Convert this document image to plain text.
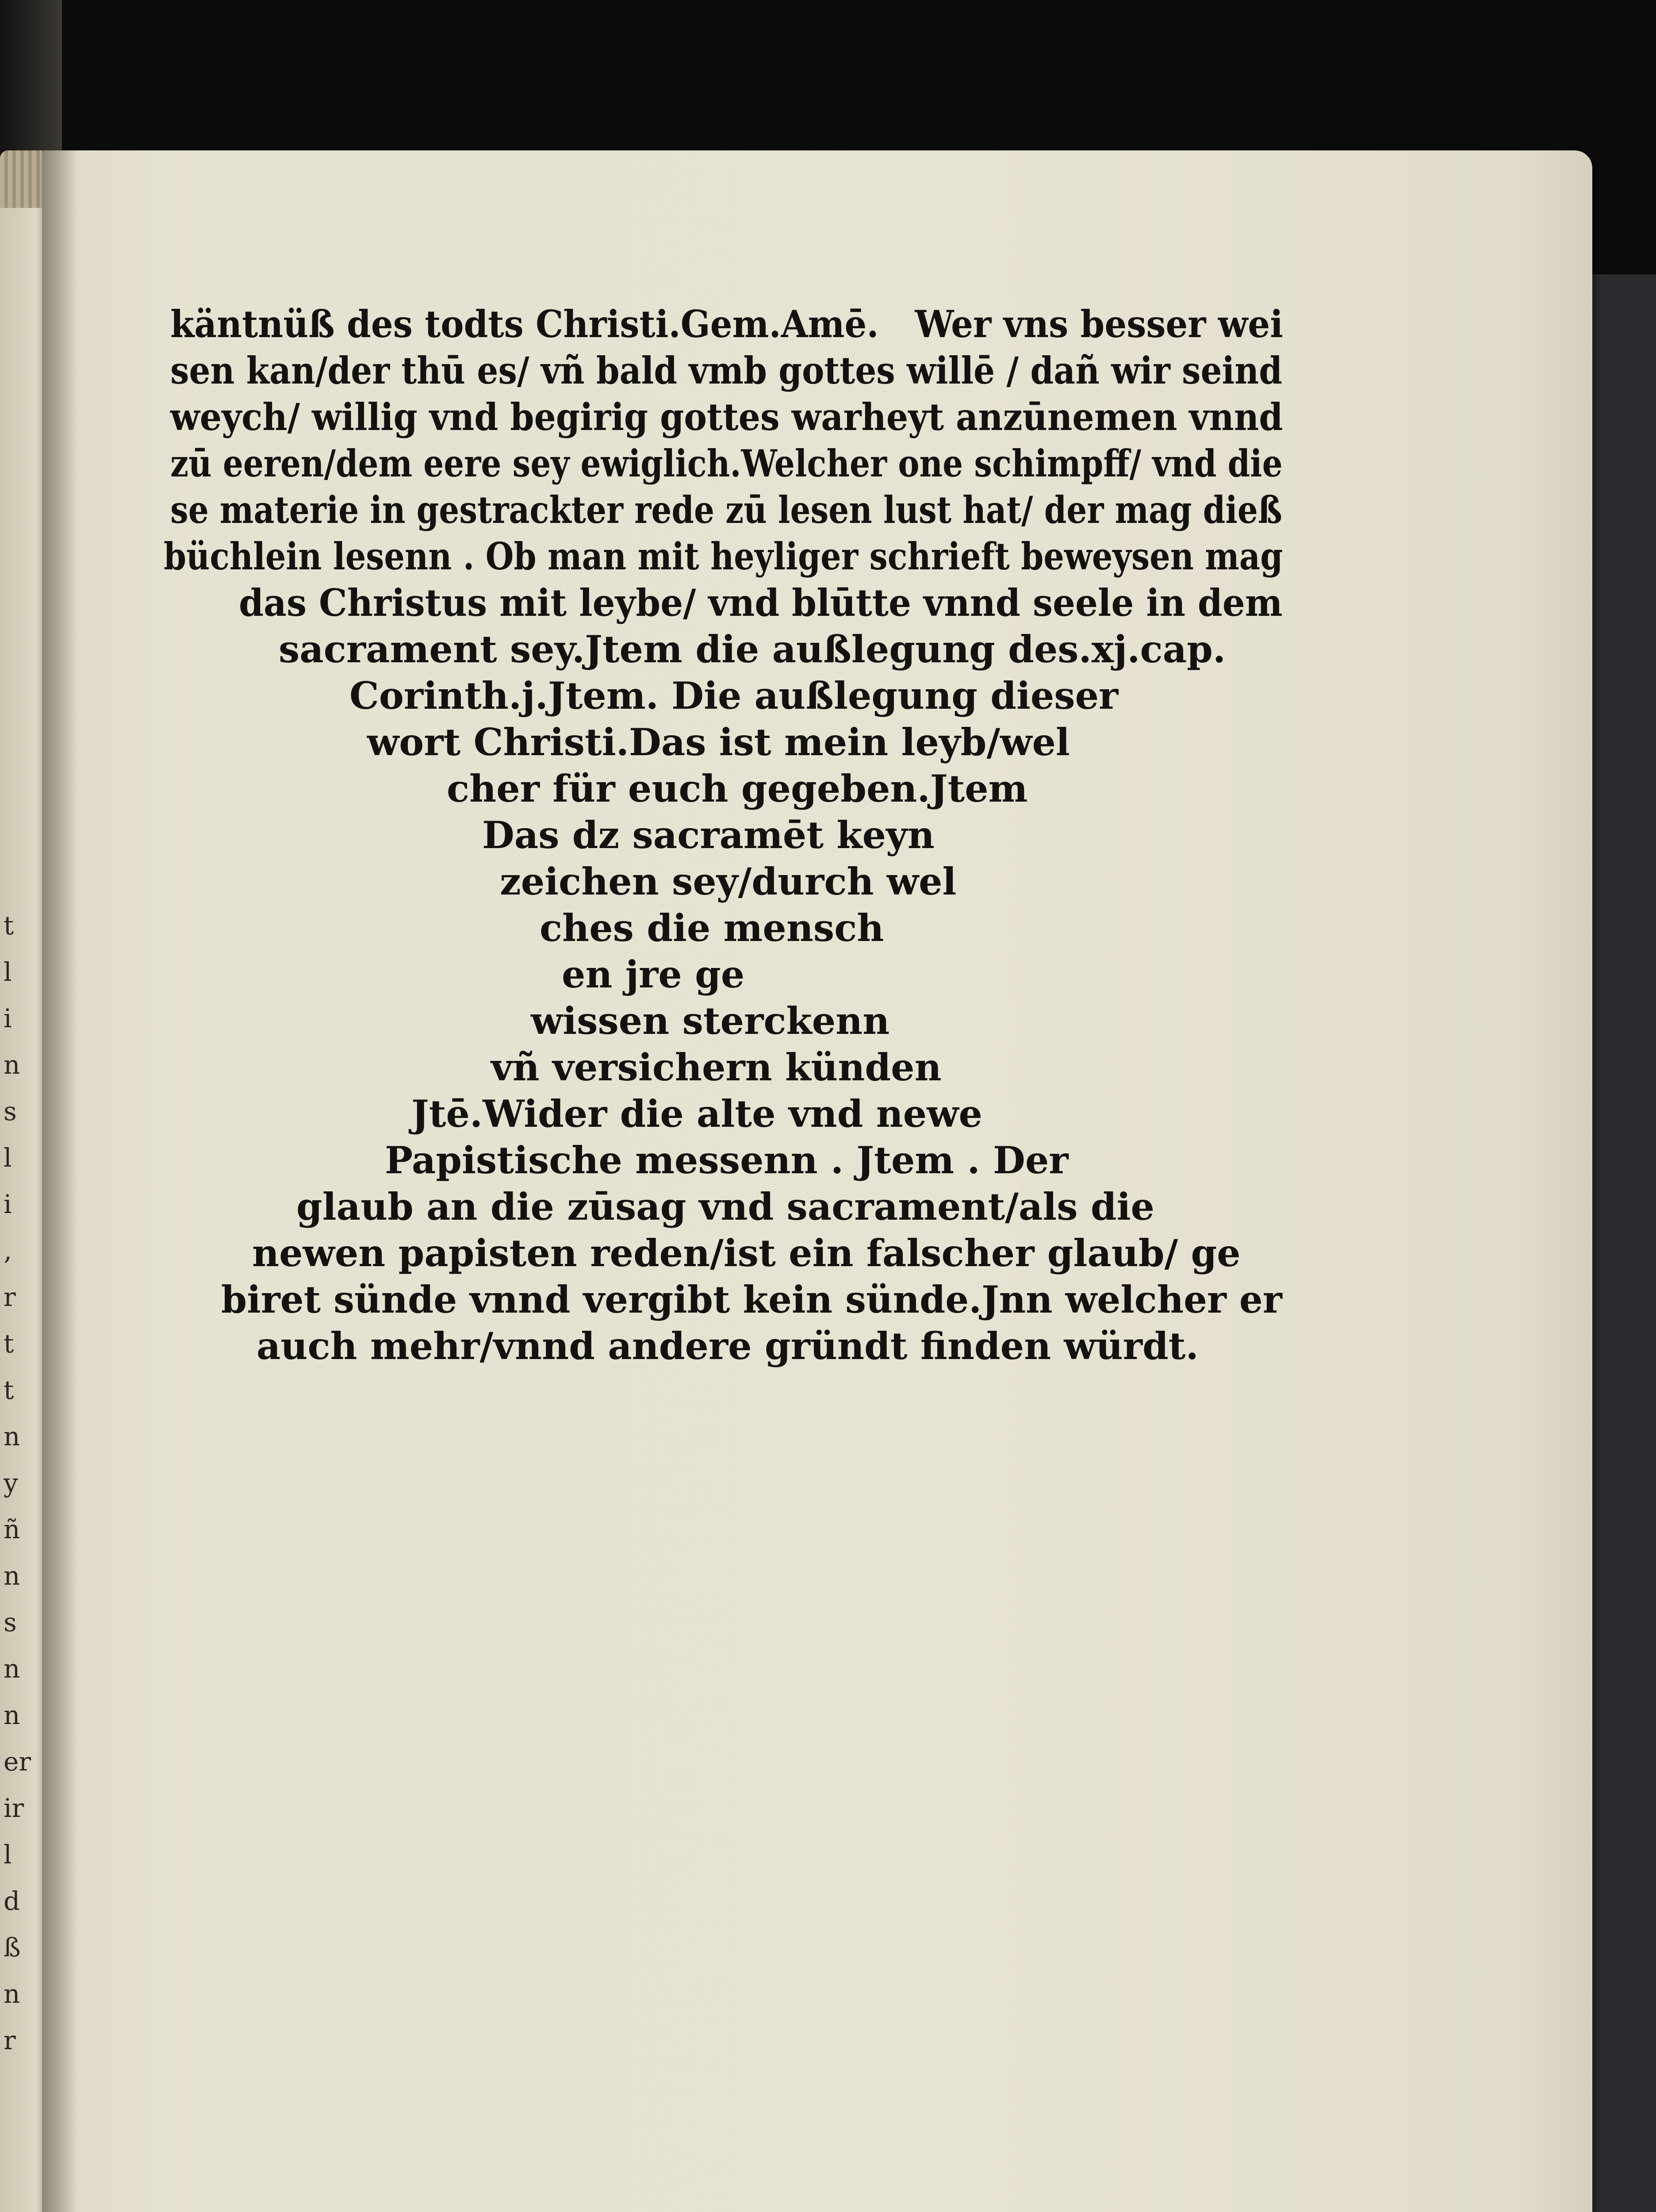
t
l
i
n
s
l
i
‚
r
t
t
n
y
ñ
n
s
n
n
er
ir
l
d
ß
n
r
käntnüß des todts Christi.Gem.Amē.   Wer vns besser wei
sen kan/der thū es/ vñ bald vmb gottes willē / dañ wir seind
weych/ willig vnd begirig gottes warheyt anzūnemen vnnd
zū eeren/dem eere sey ewiglich.Welcher one schimpff/ vnd die
se materie in gestrackter rede zū lesen lust hat/ der mag dieß
büchlein lesenn . Ob man mit heyliger schrieft beweysen mag
das Christus mit leybe/ vnd blūtte vnnd seele in dem
sacrament sey.Jtem die außlegung des.xj.cap.
Corinth.j.Jtem. Die außlegung dieser
wort Christi.Das ist mein leyb/wel
cher für euch gegeben.Jtem
Das dz sacramēt keyn
zeichen sey/durch wel
ches die mensch
en jre ge
wissen sterckenn
vñ versichern künden
Jtē.Wider die alte vnd newe
Papistische messenn . Jtem . Der
glaub an die zūsag vnd sacrament/als die
newen papisten reden/ist ein falscher glaub/ ge
biret sünde vnnd vergibt kein sünde.Jnn welcher er
auch mehr/vnnd andere gründt finden würdt.
